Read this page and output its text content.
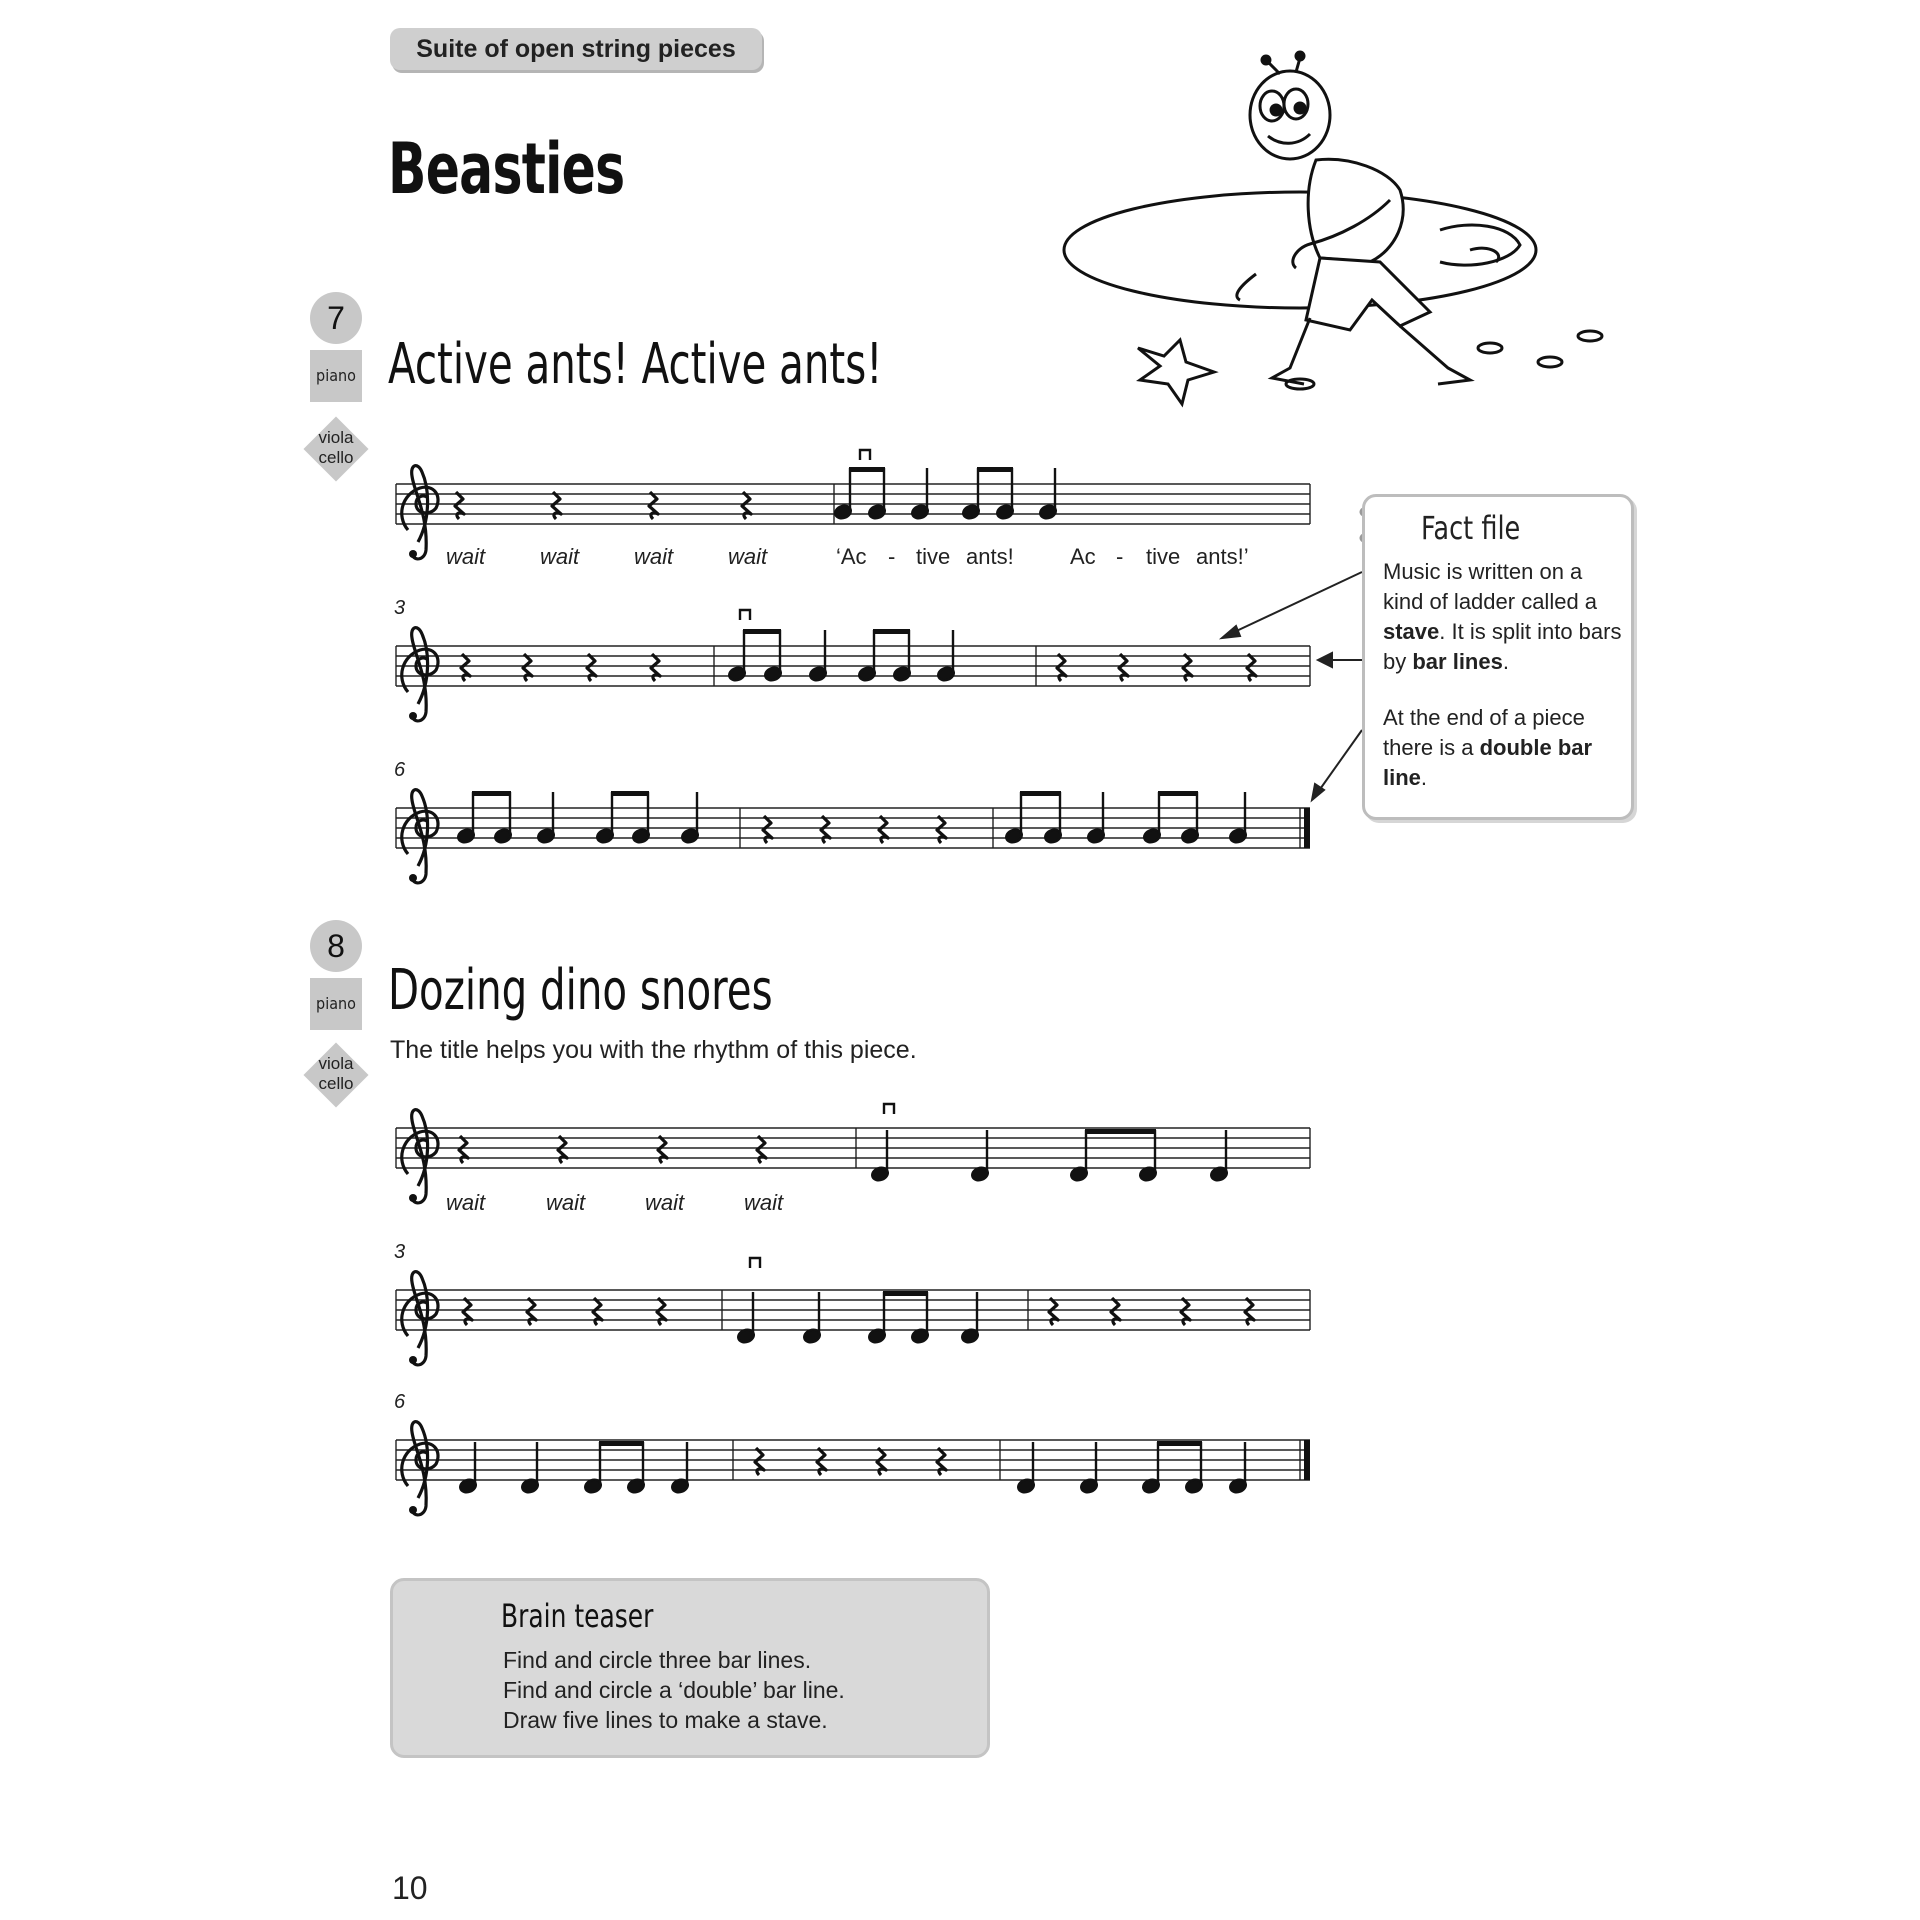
Suite of open string pieces
Beasties
7
piano
viola
cello
Active ants! Active ants!
8
piano
viola
cello
Dozing dino snores
The title helps you with the rhythm of this piece.
wait wait wait wait	‘Ac - tive ants!	Ac - tive ants!’
wait	wait	wait	wait
3
6
3
6
Fact file

Music is written on a kind of ladder called a stave. It is split into bars by bar lines.

At the end of a piece there is a double bar line.

Brain teaser
Find and circle three bar lines.
Find and circle a ‘double’ bar line.
Draw five lines to make a stave.
10
